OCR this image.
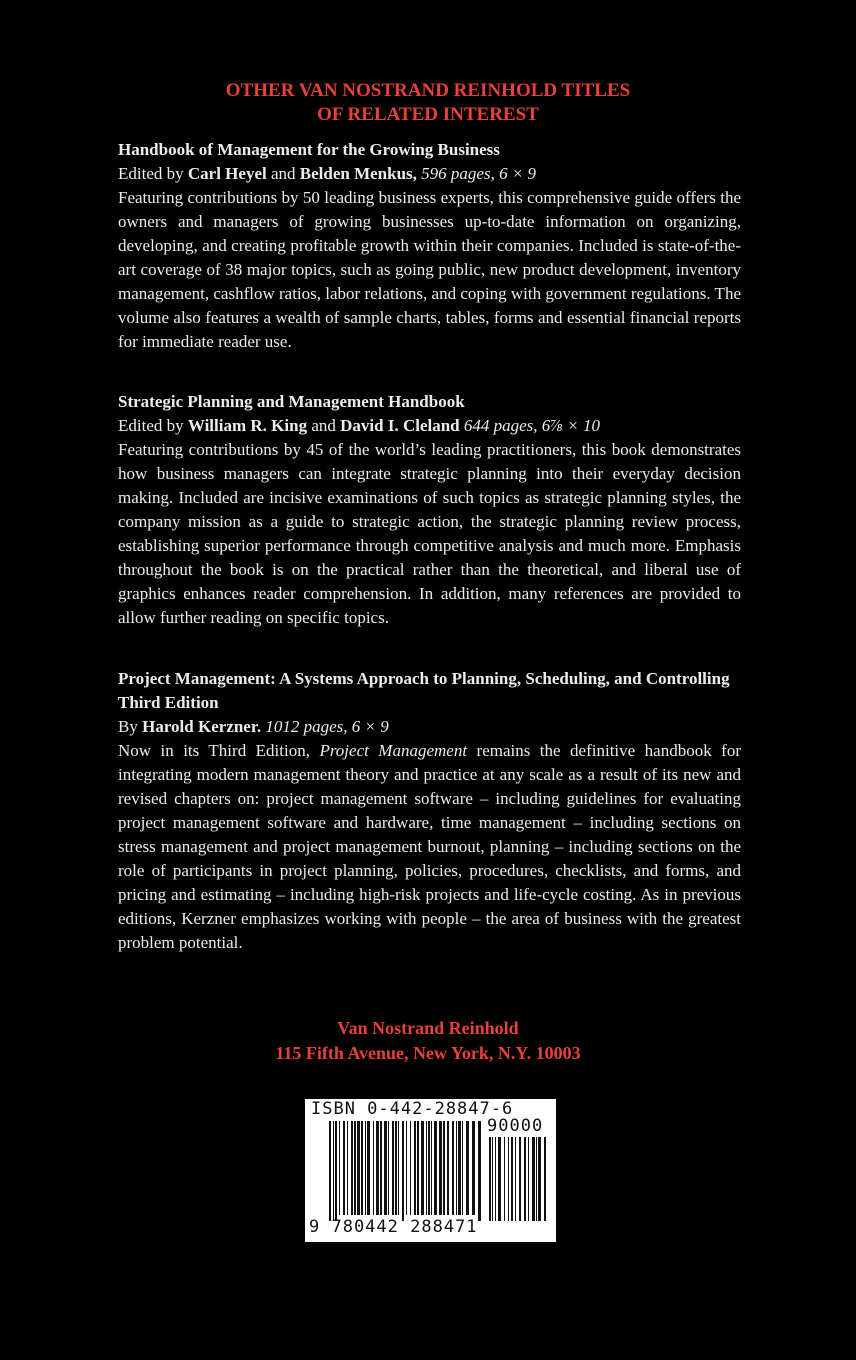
OTHER VAN NOSTRAND REINHOLD TITLES
OF RELATED INTEREST
Handbook of Management for the Growing Business
Edited by Carl Heyel and Belden Menkus, 596 pages, 6 × 9
Featuring contributions by 50 leading business experts, this comprehensive guide offers the owners and managers of growing businesses up-to-date information on organizing, developing, and creating profitable growth within their companies. Included is state-of-the-art coverage of 38 major topics, such as going public, new product development, inventory management, cashflow ratios, labor relations, and coping with government regulations. The volume also features a wealth of sample charts, tables, forms and essential financial reports for immediate reader use.
Strategic Planning and Management Handbook
Edited by William R. King and David I. Cleland 644 pages, 6⅞ × 10
Featuring contributions by 45 of the world’s leading practitioners, this book demonstrates how business managers can integrate strategic planning into their everyday decision making. Included are incisive examinations of such topics as strategic planning styles, the company mission as a guide to strategic action, the strategic planning review process, establishing superior performance through competitive analysis and much more. Emphasis throughout the book is on the practical rather than the theoretical, and liberal use of graphics enhances reader comprehension. In addition, many references are provided to allow further reading on specific topics.
Project Management: A Systems Approach to Planning, Scheduling, and Controlling
Third Edition
By Harold Kerzner. 1012 pages, 6 × 9
Now in its Third Edition, Project Management remains the definitive handbook for integrating modern management theory and practice at any scale as a result of its new and revised chapters on: project management software – including guidelines for evaluating project management software and hardware, time management – including sections on stress management and project management burnout, planning – including sections on the role of participants in project planning, policies, procedures, checklists, and forms, and pricing and estimating – including high-risk projects and life-cycle costing. As in previous editions, Kerzner emphasizes working with people – the area of business with the greatest problem potential.
Van Nostrand Reinhold
115 Fifth Avenue, New York, N.Y. 10003
ISBN 0-442-28847-6
90000
9 780442 288471
